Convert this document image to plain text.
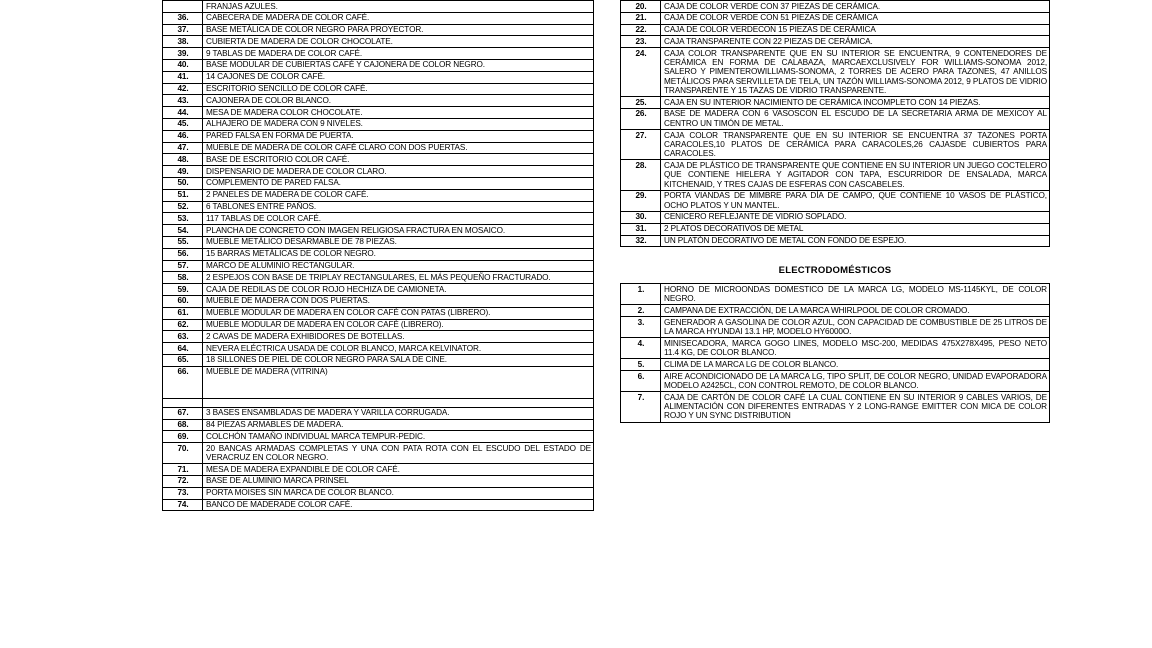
	FRANJAS AZULES.
36.	CABECERA DE MADERA DE COLOR CAFÉ.
37.	BASE METÁLICA DE COLOR NEGRO PARA PROYECTOR.
38.	CUBIERTA DE MADERA DE COLOR CHOCOLATE.
39.	9 TABLAS DE MADERA DE COLOR CAFÉ.
40.	BASE MODULAR DE CUBIERTAS CAFÉ Y CAJONERA DE COLOR NEGRO.
41.	14 CAJONES DE COLOR CAFÉ.
42.	ESCRITORIO SENCILLO DE COLOR CAFÉ.
43.	CAJONERA DE COLOR BLANCO.
44.	MESA DE MADERA COLOR CHOCOLATE.
45.	ALHAJERO DE MADERA CON 9 NIVELES.
46.	PARED FALSA EN FORMA DE PUERTA.
47.	MUEBLE DE MADERA DE COLOR CAFÉ CLARO CON DOS PUERTAS.
48.	BASE DE ESCRITORIO COLOR CAFÉ.
49.	DISPENSARIO DE MADERA DE COLOR CLARO.
50.	COMPLEMENTO DE PARED FALSA.
51.	2 PANELES DE MADERA DE COLOR CAFÉ.
52.	6 TABLONES ENTRE PAÑOS.
53.	117 TABLAS DE COLOR CAFÉ.
54.	PLANCHA DE CONCRETO CON IMAGEN RELIGIOSA FRACTURA EN MOSAICO.
55.	MUEBLE METÁLICO DESARMABLE DE 78 PIEZAS.
56.	15 BARRAS METÁLICAS DE COLOR NEGRO.
57.	MARCO DE ALUMINIO RECTANGULAR.
58.	2 ESPEJOS CON BASE DE TRIPLAY RECTANGULARES, EL MÁS PEQUEÑO FRACTURADO.
59.	CAJA DE REDILAS DE COLOR ROJO HECHIZA DE CAMIONETA.
60.	MUEBLE DE MADERA CON DOS PUERTAS.
61.	MUEBLE MODULAR DE MADERA EN COLOR CAFÉ CON PATAS (LIBRERO).
62.	MUEBLE MODULAR DE MADERA EN COLOR CAFÉ (LIBRERO).
63.	2 CAVAS DE MADERA EXHIBIDORES DE BOTELLAS.
64.	NEVERA ELÉCTRICA USADA DE COLOR BLANCO, MARCA KELVINATOR.
65.	18 SILLONES DE PIEL DE COLOR NEGRO PARA SALA DE CINE.
66.	MUEBLE DE MADERA (VITRINA)

67.	3 BASES ENSAMBLADAS DE MADERA Y VARILLA CORRUGADA.
68.	84 PIEZAS ARMABLES DE MADERA.
69.	COLCHÓN TAMAÑO INDIVIDUAL MARCA TEMPUR-PEDIC.
70.	20 BANCAS ARMADAS COMPLETAS Y UNA CON PATA ROTA CON EL ESCUDO DEL ESTADO DE VERACRUZ EN COLOR NEGRO.
71.	MESA DE MADERA EXPANDIBLE DE COLOR CAFÉ.
72.	BASE DE ALUMINIO MARCA PRINSEL
73.	PORTA MOISES SIN MARCA DE COLOR BLANCO.
74.	BANCO DE MADERADE COLOR CAFÉ.
20.	CAJA DE COLOR VERDE CON 37 PIEZAS DE CERÁMICA.
21.	CAJA DE COLOR VERDE CON 51 PIEZAS DE CERÁMICA
22.	CAJA DE COLOR VERDECON 15 PIEZAS DE CERÁMICA
23.	CAJA TRANSPARENTE CON 22 PIEZAS DE CERÁMICA.
24.	CAJA COLOR TRANSPARENTE QUE EN SU INTERIOR SE ENCUENTRA, 9 CONTENEDORES DE CERÁMICA EN FORMA DE CALABAZA, MARCAEXCLUSIVELY FOR WILLIAMS-SONOMA 2012, SALERO Y PIMENTEROWILLIAMS-SONOMA, 2 TORRES DE ACERO PARA TAZONES, 47 ANILLOS METÁLICOS PARA SERVILLETA DE TELA, UN TAZÓN WILLIAMS-SONOMA 2012, 9 PLATOS DE VIDRIO TRANSPARENTE Y 15 TAZAS DE VIDRIO TRANSPARENTE.
25.	CAJA EN SU INTERIOR NACIMIENTO DE CERÁMICA INCOMPLETO CON 14 PIEZAS.
26.	BASE DE MADERA CON 6 VASOSCON EL ESCUDO DE LA SECRETARIA ARMA DE MEXICOY AL CENTRO UN TIMÓN DE METAL.
27.	CAJA COLOR TRANSPARENTE QUE EN SU INTERIOR SE ENCUENTRA 37 TAZONES PORTA CARACOLES,10 PLATOS DE CERÁMICA PARA CARACOLES,26 CAJASDE CUBIERTOS PARA CARACOLES.
28.	CAJA DE PLÁSTICO DE TRANSPARENTE QUE CONTIENE EN SU INTERIOR UN JUEGO COCTELERO QUE CONTIENE HIELERA Y AGITADOR CON TAPA, ESCURRIDOR DE ENSALADA, MARCA KITCHENAID, Y TRES CAJAS DE ESFERAS CON CASCABELES.
29.	PORTA VIANDAS DE MIMBRE PARA DÍA DE CAMPO, QUE CONTIENE 10 VASOS DE PLÁSTICO, OCHO PLATOS Y UN MANTEL.
30.	CENICERO REFLEJANTE DE VIDRIO SOPLADO.
31.	2 PLATOS DECORATIVOS DE METAL
32.	UN PLATÓN DECORATIVO DE METAL CON FONDO DE ESPEJO.
ELECTRODOMÉSTICOS
1.	HORNO DE MICROONDAS DOMESTICO DE LA MARCA LG, MODELO MS-1145KYL, DE COLOR NEGRO.
2.	CAMPANA DE EXTRACCIÓN, DE LA MARCA WHIRLPOOL DE COLOR CROMADO.
3.	GENERADOR A GASOLINA DE COLOR AZUL, CON CAPACIDAD DE COMBUSTIBLE DE 25 LITROS DE LA MARCA HYUNDAI 13.1 HP, MODELO HY6000O.
4.	MINISECADORA, MARCA GOGO LINES, MODELO MSC-200, MEDIDAS 475X278X495, PESO NETO 11.4 KG, DE COLOR BLANCO.
5.	CLIMA DE LA MARCA LG DE COLOR BLANCO.
6.	AIRE ACONDICIONADO DE LA MARCA LG, TIPO SPLIT, DE COLOR NEGRO, UNIDAD EVAPORADORA MODELO A2425CL, CON CONTROL REMOTO, DE COLOR BLANCO.
7.	CAJA DE CARTÓN DE COLOR CAFÉ LA CUAL CONTIENE EN SU INTERIOR 9 CABLES VARIOS, DE ALIMENTACIÓN CON DIFERENTES ENTRADAS Y 2 LONG-RANGE EMITTER CON MICA DE COLOR ROJO Y UN SYNC DISTRIBUTION
